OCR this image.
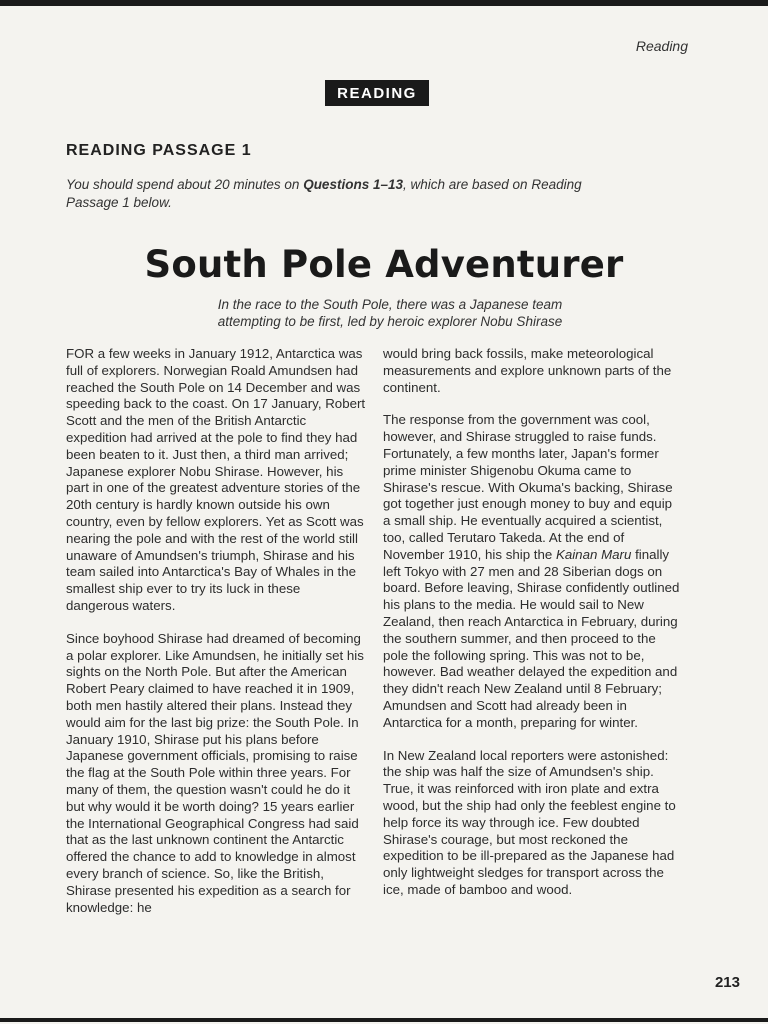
Reading
READING
READING PASSAGE 1
You should spend about 20 minutes on Questions 1–13, which are based on Reading Passage 1 below.
South Pole Adventurer
In the race to the South Pole, there was a Japanese team attempting to be first, led by heroic explorer Nobu Shirase

FOR a few weeks in January 1912, Antarctica was full of explorers. Norwegian Roald Amundsen had reached the South Pole on 14 December and was speeding back to the coast. On 17 January, Robert Scott and the men of the British Antarctic expedition had arrived at the pole to find they had been beaten to it. Just then, a third man arrived; Japanese explorer Nobu Shirase. However, his part in one of the greatest adventure stories of the 20th century is hardly known outside his own country, even by fellow explorers. Yet as Scott was nearing the pole and with the rest of the world still unaware of Amundsen's triumph, Shirase and his team sailed into Antarctica's Bay of Whales in the smallest ship ever to try its luck in these dangerous waters.

Since boyhood Shirase had dreamed of becoming a polar explorer. Like Amundsen, he initially set his sights on the North Pole. But after the American Robert Peary claimed to have reached it in 1909, both men hastily altered their plans. Instead they would aim for the last big prize: the South Pole. In January 1910, Shirase put his plans before Japanese government officials, promising to raise the flag at the South Pole within three years. For many of them, the question wasn't could he do it but why would it be worth doing? 15 years earlier the International Geographical Congress had said that as the last unknown continent the Antarctic offered the chance to add to knowledge in almost every branch of science. So, like the British, Shirase presented his expedition as a search for knowledge: he

would bring back fossils, make meteorological measurements and explore unknown parts of the continent.

The response from the government was cool, however, and Shirase struggled to raise funds. Fortunately, a few months later, Japan's former prime minister Shigenobu Okuma came to Shirase's rescue. With Okuma's backing, Shirase got together just enough money to buy and equip a small ship. He eventually acquired a scientist, too, called Terutaro Takeda. At the end of November 1910, his ship the Kainan Maru finally left Tokyo with 27 men and 28 Siberian dogs on board. Before leaving, Shirase confidently outlined his plans to the media. He would sail to New Zealand, then reach Antarctica in February, during the southern summer, and then proceed to the pole the following spring. This was not to be, however. Bad weather delayed the expedition and they didn't reach New Zealand until 8 February; Amundsen and Scott had already been in Antarctica for a month, preparing for winter.

In New Zealand local reporters were astonished: the ship was half the size of Amundsen's ship. True, it was reinforced with iron plate and extra wood, but the ship had only the feeblest engine to help force its way through ice. Few doubted Shirase's courage, but most reckoned the expedition to be ill-prepared as the Japanese had only lightweight sledges for transport across the ice, made of bamboo and wood.

213
